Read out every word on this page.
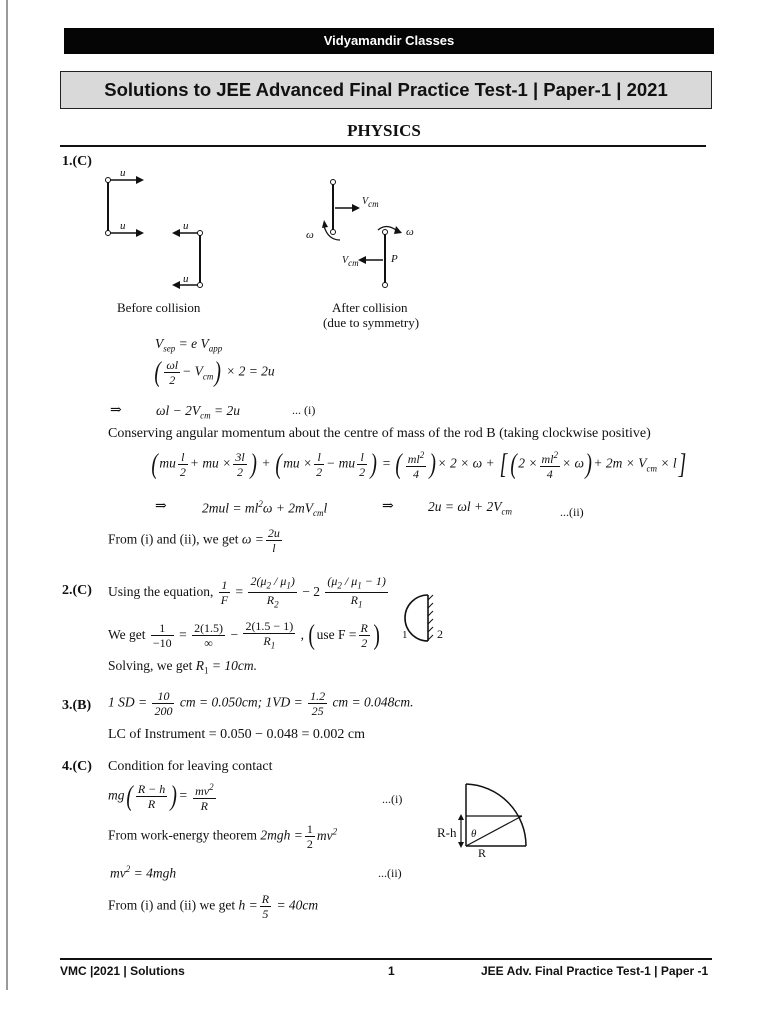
Vidyamandir Classes
Solutions to JEE Advanced Final Practice Test-1 | Paper-1 | 2021
PHYSICS
1.(C)
u
u	u
u
$V_{cm}$
ω	ω
$V_{cm}$	P
Before collision	After collision
(due to symmetry)
$V_{sep} = e$ $V_{app}$
( $\frac{\omega l}{2} - V_{cm}) \times 2 = 2u$
⇒	$\omega l - 2V_{cm} = 2u$	... (i)
Conserving angular momentum about the centre of mass of the rod B (taking clockwise positive)
($mu \frac{l}{2}$ + mu × $\frac{3l}{2}$ ) + ($mu \times \frac{l}{2}$ − mu $\frac{l}{2}$ ) = ( $\frac{ml^2}{4}$ )× 2 × ω + [ $(2 \times \frac{ml^2}{4} \times \omega)+ 2m \times V_{cm} \times l$]
⇒	$2mul = ml^2\omega + 2mV_{cm}l$	⇒	$2u = \omega l + 2V_{cm}$	...(ii)
From (i) and (ii), we get $\omega = \frac{2u}{l}$
2.(C) Using the equation, $\frac{1}{F} = \frac{2(\mu_2 / \mu_1)}{R_2} - 2 \frac{(\mu_2 / \mu_1 - 1)}{R_1}$
We get $\frac{1}{-10} = \frac{2(1.5)}{\infty} - \frac{2(1.5 - 1)}{R_1}$ , (use $F = \frac{R}{2}$ )
Solving, we get $R_1 = 10cm$.
1 2
3.(B) 1 SD = $\frac{10}{200}$ cm = 0.050cm; $1VD = \frac{1.2}{25}$ cm = 0.048cm.
LC of Instrument = 0.050 − 0.048 = 0.002 cm
4.(C) Condition for leaving contact
$mg( \frac{R - h}{R}$ )= $\frac{mv^2}{R}$	...(i)
From work-energy theorem $2mgh = \frac{1}{2} mv^2$
$mv^2 = 4mgh$	...(ii)
From (i) and (ii) we get $h = \frac{R}{5} = 40cm$
R-h θ
R
VMC |2021 | Solutions	1	JEE Adv. Final Practice Test-1 | Paper -1
